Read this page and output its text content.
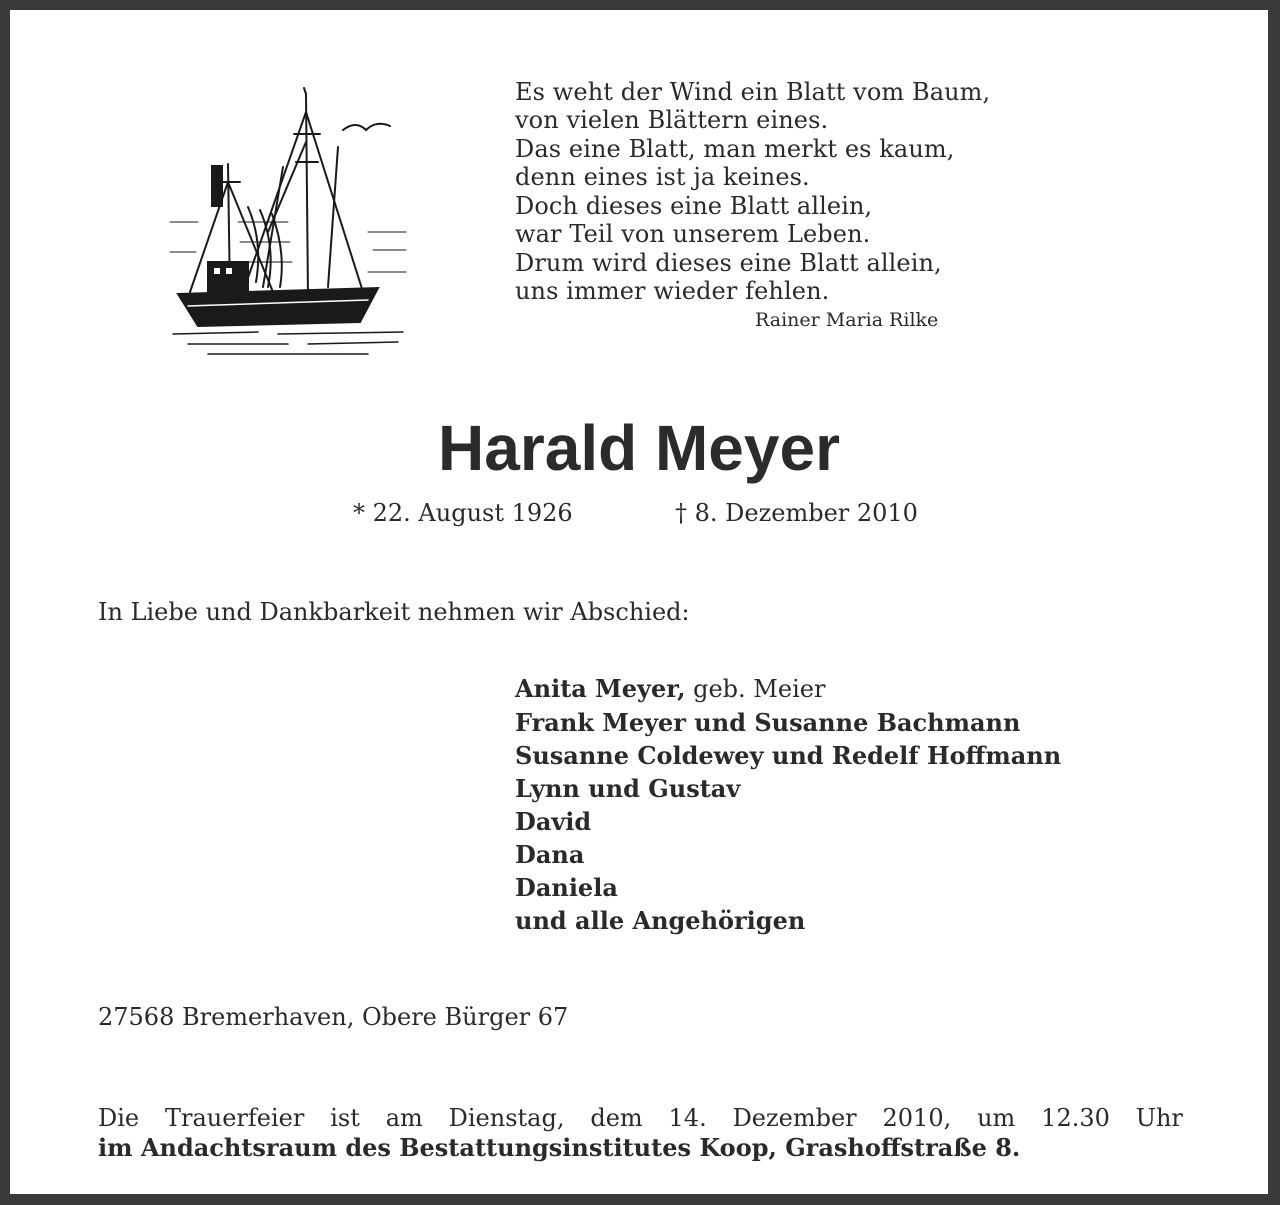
Es weht der Wind ein Blatt vom Baum,
von vielen Blättern eines.
Das eine Blatt, man merkt es kaum,
denn eines ist ja keines.
Doch dieses eine Blatt allein,
war Teil von unserem Leben.
Drum wird dieses eine Blatt allein,
uns immer wieder fehlen.
Rainer Maria Rilke
Harald Meyer
* 22. August 1926	† 8. Dezember 2010
In Liebe und Dankbarkeit nehmen wir Abschied:
Anita Meyer, geb. Meier
Frank Meyer und Susanne Bachmann
Susanne Coldewey und Redelf Hoffmann
Lynn und Gustav
David
Dana
Daniela
und alle Angehörigen
27568 Bremerhaven, Obere Bürger 67
Die Trauerfeier ist am Dienstag, dem 14. Dezember 2010, um 12.30 Uhr
im Andachtsraum des Bestattungsinstitutes Koop, Grashoffstraße 8.
